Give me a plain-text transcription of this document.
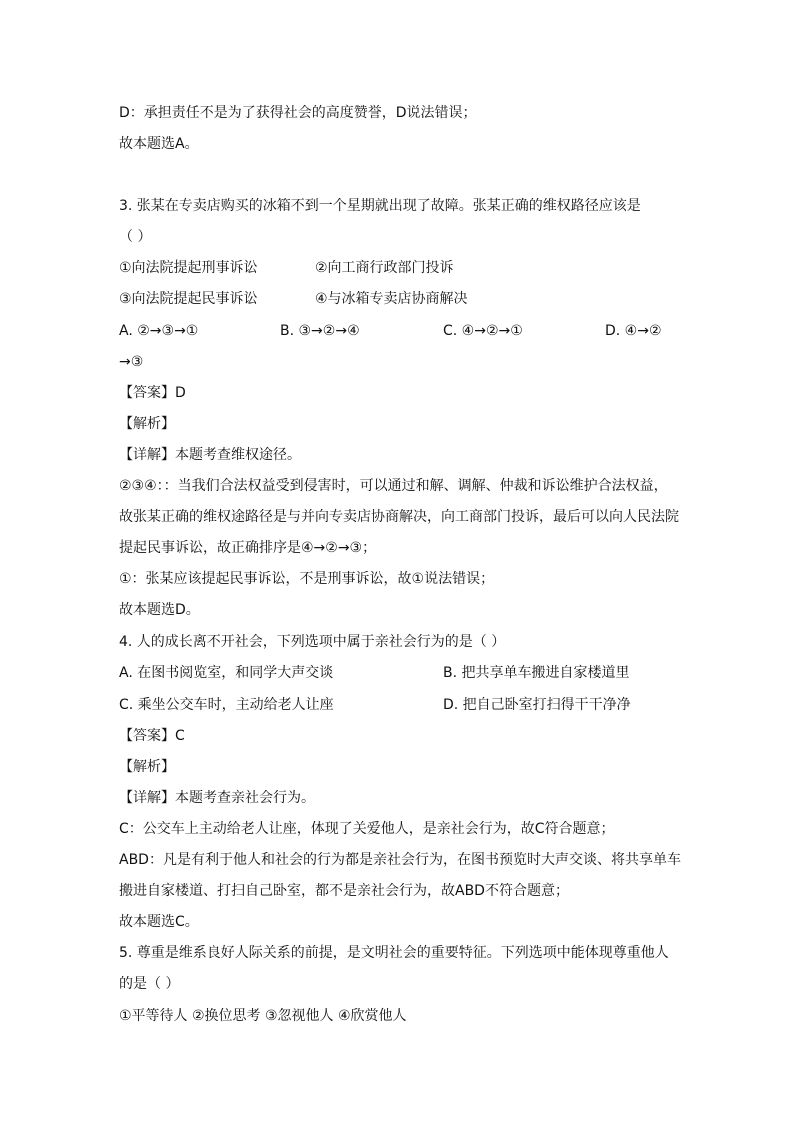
D：承担责任不是为了获得社会的高度赞誉，D说法错误；
故本题选A。
3. 张某在专卖店购买的冰箱不到一个星期就出现了故障。张某正确的维权路径应该是
（ ）
①向法院提起刑事诉讼	②向工商行政部门投诉
③向法院提起民事诉讼	④与冰箱专卖店协商解决
A. ②→③→①	B. ③→②→④	C. ④→②→①	D. ④→②
→③
【答案】D
【解析】
【详解】本题考查维权途径。
②③④：：当我们合法权益受到侵害时，可以通过和解、调解、仲裁和诉讼维护合法权益，
故张某正确的维权途路径是与并向专卖店协商解决，向工商部门投诉，最后可以向人民法院
提起民事诉讼，故正确排序是④→②→③；
①：张某应该提起民事诉讼，不是刑事诉讼，故①说法错误；
故本题选D。
4. 人的成长离不开社会，下列选项中属于亲社会行为的是（ ）
A. 在图书阅览室，和同学大声交谈	B. 把共享单车搬进自家楼道里
C. 乘坐公交车时，主动给老人让座	D. 把自己卧室打扫得干干净净
【答案】C
【解析】
【详解】本题考查亲社会行为。
C：公交车上主动给老人让座，体现了关爱他人，是亲社会行为，故C符合题意；
ABD：凡是有利于他人和社会的行为都是亲社会行为，在图书预览时大声交谈、将共享单车
搬进自家楼道、打扫自己卧室，都不是亲社会行为，故ABD不符合题意；
故本题选C。
5. 尊重是维系良好人际关系的前提，是文明社会的重要特征。下列选项中能体现尊重他人
的是（ ）
①平等待人 ②换位思考 ③忽视他人 ④欣赏他人
